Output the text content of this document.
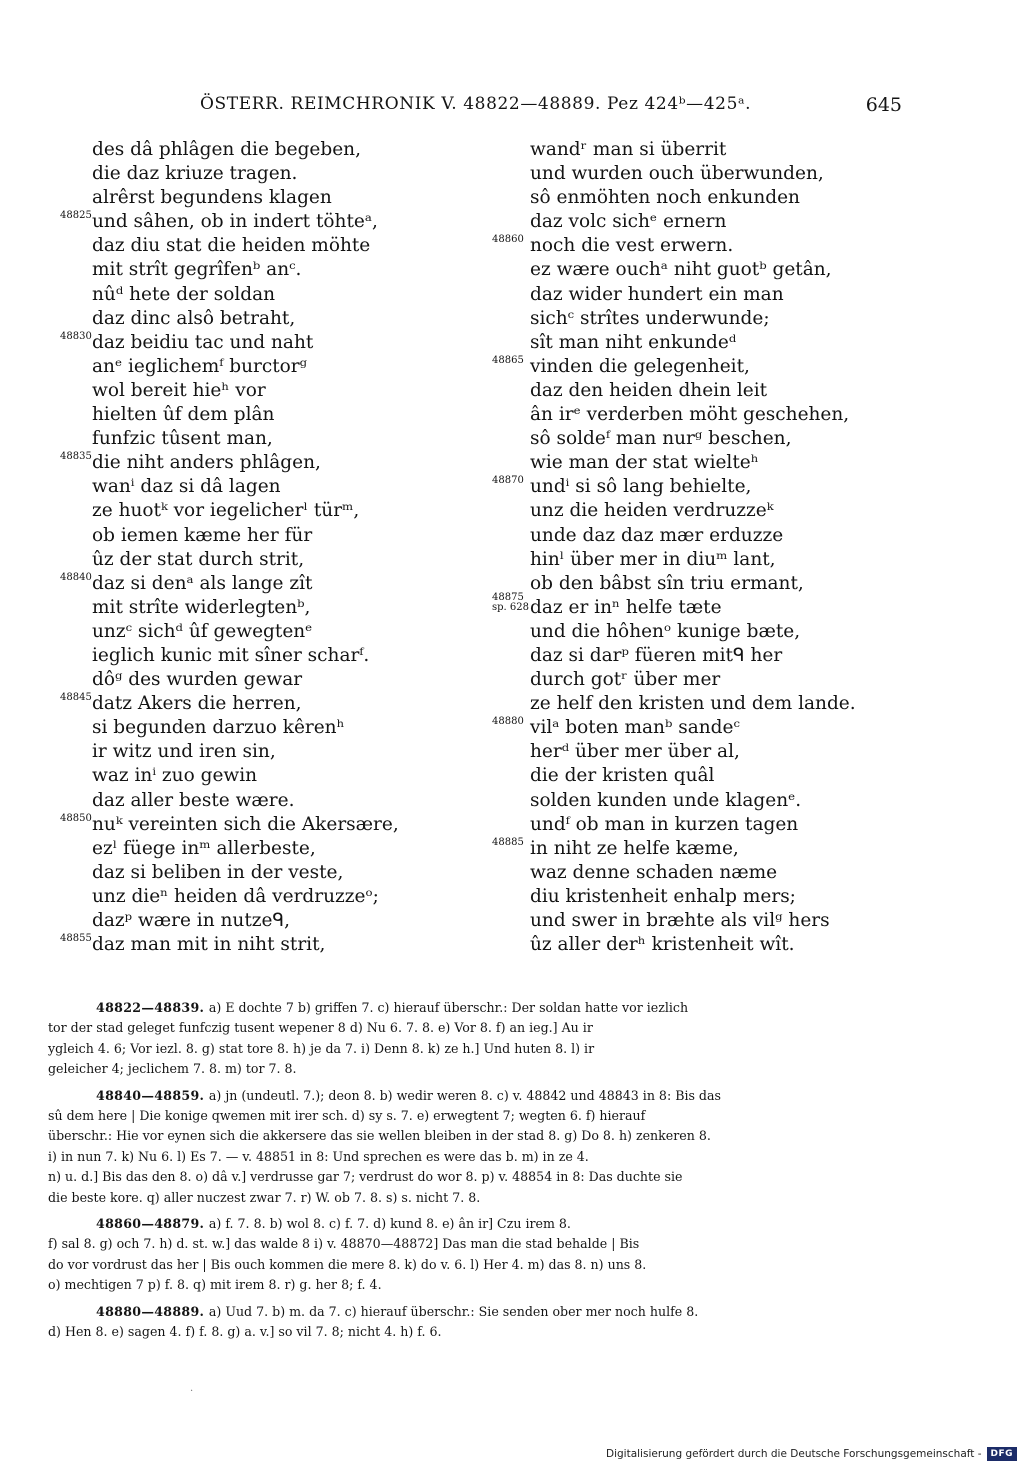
ÖSTERR. REIMCHRONIK V. 48822—48889. Pez 424ᵇ—425ᵃ.	645
des dâ phlâgen die begeben,
die daz kriuze tragen.
alrêrst begundens klagen
48825 und sâhen, ob in indert töhteᵃ,
daz diu stat die heiden möhte
mit strît gegrîfenᵇ anᶜ.
nûᵈ hete der soldan
daz dinc alsô betraht,
48830 daz beidiu tac und naht
anᵉ ieglichemᶠ burctorᵍ
wol bereit hieʰ vor
hielten ûf dem plân
funfzic tûsent man,
48835 die niht anders phlâgen,
wanⁱ daz si dâ lagen
ze huotᵏ vor iegelicherˡ türᵐ,
ob iemen kæme her für
ûz der stat durch strit,
48840 daz si denᵃ als lange zît
mit strîte widerlegtenᵇ,
unzᶜ sichᵈ ûf gewegtenᵉ
ieglich kunic mit sîner scharᶠ.
dôᵍ des wurden gewar
48845 datz Akers die herren,
si begunden darzuo kêrenʰ
ir witz und iren sin,
waz inⁱ zuo gewin
daz aller beste wære.
48850 nuᵏ vereinten sich die Akersære,
ezˡ füege inᵐ allerbeste,
daz si beliben in der veste,
unz dieⁿ heiden dâ verdruzzeᵒ;
dazᵖ wære in nutzeᑫ,
48855 daz man mit in niht strit,
wandʳ man si überrit
und wurden ouch überwunden,
sô enmöhten noch enkunden
daz volc sichᵉ ernern
48860 noch die vest erwern.
ez wære ouchᵃ niht guotᵇ getân,
daz wider hundert ein man
sichᶜ strîtes underwunde;
sît man niht enkundeᵈ
48865 vinden die gelegenheit,
daz den heiden dhein leit
ân irᵉ verderben möht geschehen,
sô soldeᶠ man nurᵍ beschen,
wie man der stat wielteʰ
48870 undⁱ si sô lang behielte,
unz die heiden verdruzzeᵏ
unde daz daz mær erduzze
hinˡ über mer in diuᵐ lant,
ob den bâbst sîn triu ermant,
48875
sp. 628 daz er inⁿ helfe tæte
und die hôhenᵒ kunige bæte,
daz si darᵖ füeren mitᑫ her
durch gotʳ über mer
ze helf den kristen und dem lande.
48880 vilᵃ boten manᵇ sandeᶜ
herᵈ über mer über al,
die der kristen quâl
solden kunden unde klagenᵉ.
undᶠ ob man in kurzen tagen
48885 in niht ze helfe kæme,
waz denne schaden næme
diu kristenheit enhalp mers;
und swer in bræhte als vilᵍ hers
ûz aller derʰ kristenheit wît.

48822—48839. a) E dochte 7 b) griffen 7. c) hierauf überschr.: Der soldan hatte vor iezlich

tor der stad geleget funfczig tusent wepener 8 d) Nu 6. 7. 8. e) Vor 8. f) an ieg.] Au ir

ygleich 4. 6; Vor iezl. 8. g) stat tore 8. h) je da 7. i) Denn 8. k) ze h.] Und huten 8. l) ir

geleicher 4; jeclichem 7. 8. m) tor 7. 8.

48840—48859. a) jn (undeutl. 7.); deon 8. b) wedir weren 8. c) v. 48842 und 48843 in 8: Bis das

sû dem here | Die konige qwemen mit irer sch. d) sy s. 7. e) erwegtent 7; wegten 6. f) hierauf

überschr.: Hie vor eynen sich die akkersere das sie wellen bleiben in der stad 8. g) Do 8. h) zenkeren 8.

i) in nun 7. k) Nu 6. l) Es 7. — v. 48851 in 8: Und sprechen es were das b. m) in ze 4.

n) u. d.] Bis das den 8. o) dâ v.] verdrusse gar 7; verdrust do wor 8. p) v. 48854 in 8: Das duchte sie

die beste kore. q) aller nuczest zwar 7. r) W. ob 7. 8. s) s. nicht 7. 8.

48860—48879. a) f. 7. 8. b) wol 8. c) f. 7. d) kund 8. e) ân ir] Czu irem 8.

f) sal 8. g) och 7. h) d. st. w.] das walde 8 i) v. 48870—48872] Das man die stad behalde | Bis

do vor vordrust das her | Bis ouch kommen die mere 8. k) do v. 6. l) Her 4. m) das 8. n) uns 8.

o) mechtigen 7 p) f. 8. q) mit irem 8. r) g. her 8; f. 4.

48880—48889. a) Uud 7. b) m. da 7. c) hierauf überschr.: Sie senden ober mer noch hulfe 8.

d) Hen 8. e) sagen 4. f) f. 8. g) a. v.] so vil 7. 8; nicht 4. h) f. 6.

.
Digitalisierung gefördert durch die Deutsche Forschungsgemeinschaft -	DFG
